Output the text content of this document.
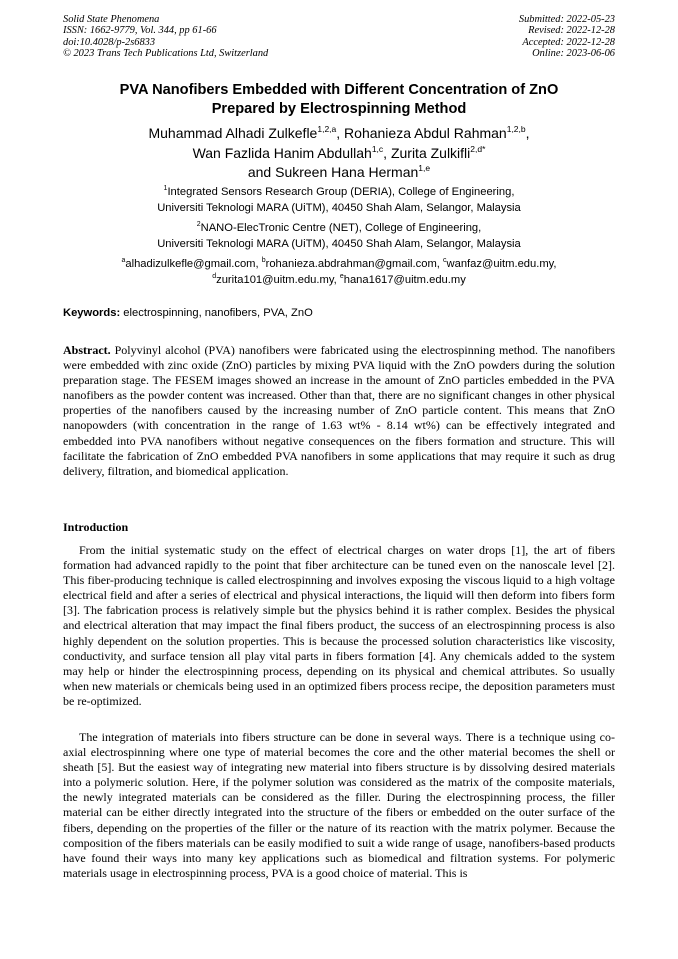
Solid State Phenomena
ISSN: 1662-9779, Vol. 344, pp 61-66
doi:10.4028/p-2s6833
© 2023 Trans Tech Publications Ltd, Switzerland
Submitted: 2022-05-23
Revised: 2022-12-28
Accepted: 2022-12-28
Online: 2023-06-06
PVA Nanofibers Embedded with Different Concentration of ZnO
Prepared by Electrospinning Method
Muhammad Alhadi Zulkefle$^{1,2,a}$, Rohanieza Abdul Rahman$^{1,2,b}$,
Wan Fazlida Hanim Abdullah$^{1,c}$, Zurita Zulkifli$^{2,d*}$
and Sukreen Hana Herman$^{1,e}$
$^1$Integrated Sensors Research Group (DERIA), College of Engineering,
Universiti Teknologi MARA (UiTM), 40450 Shah Alam, Selangor, Malaysia
$^2$NANO-ElecTronic Centre (NET), College of Engineering,
Universiti Teknologi MARA (UiTM), 40450 Shah Alam, Selangor, Malaysia
$^a$alhadizulkefle@gmail.com, $^b$rohanieza.abdrahman@gmail.com, $^c$wanfaz@uitm.edu.my,
$^d$zurita101@uitm.edu.my, $^e$hana1617@uitm.edu.my
Keywords: electrospinning, nanofibers, PVA, ZnO

Abstract. Polyvinyl alcohol (PVA) nanofibers were fabricated using the electrospinning method. The nanofibers were embedded with zinc oxide (ZnO) particles by mixing PVA liquid with the ZnO powders during the solution preparation stage. The FESEM images showed an increase in the amount of ZnO particles embedded in the PVA nanofibers as the powder content was increased. Other than that, there are no significant changes in other physical properties of the nanofibers caused by the increasing number of ZnO particle content. This means that ZnO nanopowders (with concentration in the range of 1.63 wt% - 8.14 wt%) can be effectively integrated and embedded into PVA nanofibers without negative consequences on the fibers formation and structure. This will facilitate the fabrication of ZnO embedded PVA nanofibers in some applications that may require it such as drug delivery, filtration, and biomedical application.

Introduction

From the initial systematic study on the effect of electrical charges on water drops [1], the art of fibers formation had advanced rapidly to the point that fiber architecture can be tuned even on the nanoscale level [2]. This fiber-producing technique is called electrospinning and involves exposing the viscous liquid to a high voltage electrical field and after a series of electrical and physical interactions, the liquid will then deform into fibers form [3]. The fabrication process is relatively simple but the physics behind it is rather complex. Besides the physical and electrical alteration that may impact the final fibers product, the success of an electrospinning process is also highly dependent on the solution properties. This is because the processed solution characteristics like viscosity, conductivity, and surface tension all play vital parts in fibers formation [4]. Any chemicals added to the system may help or hinder the electrospinning process, depending on its physical and chemical attributes. So usually when new materials or chemicals being used in an optimized fibers process recipe, the deposition parameters must be re-optimized.

The integration of materials into fibers structure can be done in several ways. There is a technique using co-axial electrospinning where one type of material becomes the core and the other material becomes the shell or sheath [5]. But the easiest way of integrating new material into fibers structure is by dissolving desired materials into a polymeric solution. Here, if the polymer solution was considered as the matrix of the composite materials, the newly integrated materials can be considered as the filler. During the electrospinning process, the filler material can be either directly integrated into the structure of the fibers or embedded on the outer surface of the fibers, depending on the properties of the filler or the nature of its reaction with the matrix polymer. Because the composition of the fibers materials can be easily modified to suit a wide range of usage, nanofibers-based products have found their ways into many key applications such as biomedical and filtration systems. For polymeric materials usage in electrospinning process, PVA is a good choice of material. This is
